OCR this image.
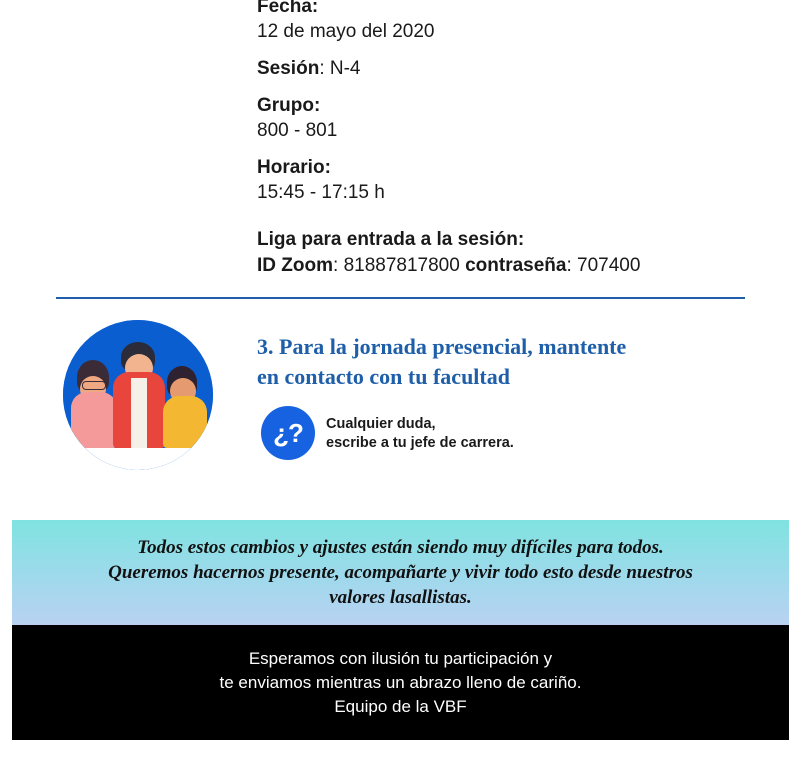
Fecha:
12 de mayo del 2020
Sesión: N-4
Grupo:
800 - 801
Horario:
15:45 - 17:15 h
Liga para entrada a la sesión:
ID Zoom: 81887817800 contraseña: 707400
3. Para la jornada presencial, mantente
en contacto con tu facultad
¿?	Cualquier duda,
escribe a tu jefe de carrera.
Todos estos cambios y ajustes están siendo muy difíciles para todos.
Queremos hacernos presente, acompañarte y vivir todo esto desde nuestros
valores lasallistas.
Esperamos con ilusión tu participación y
te enviamos mientras un abrazo lleno de cariño.
Equipo de la VBF
